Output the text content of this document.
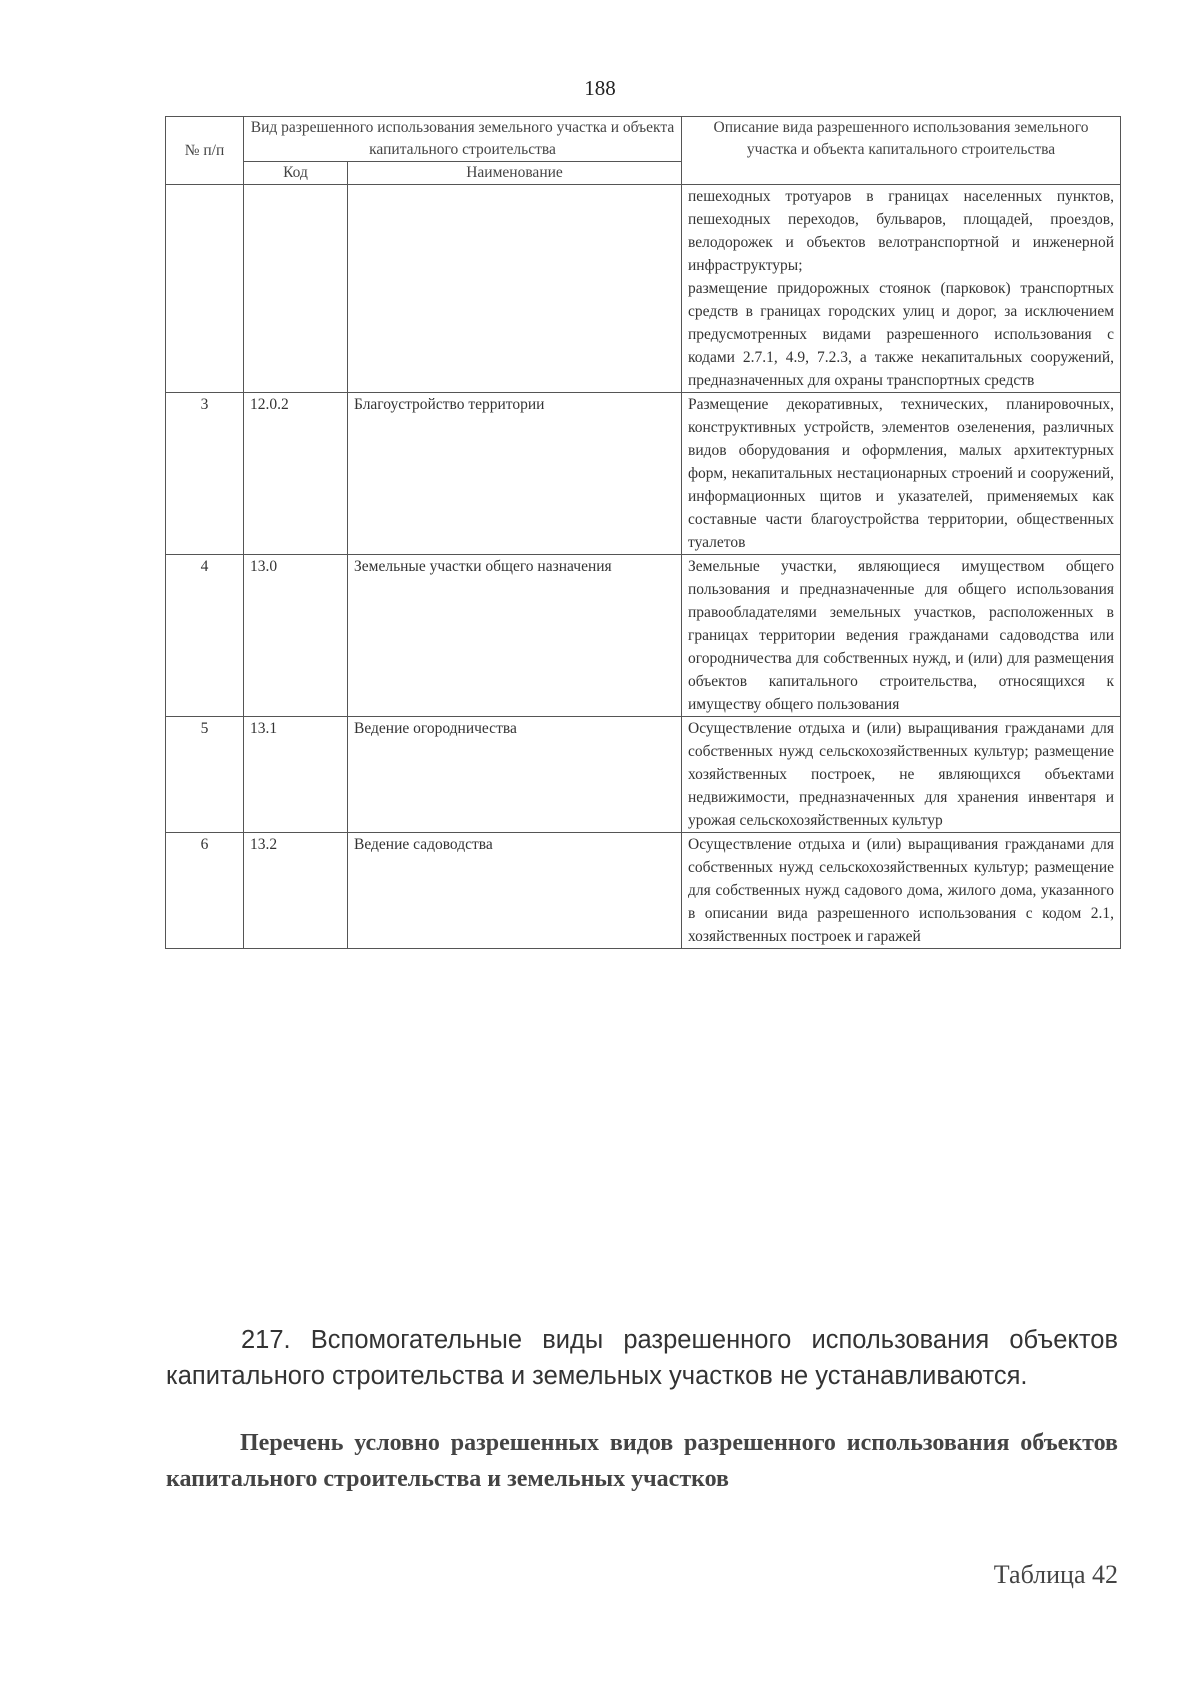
188
№ п/п	Вид разрешенного использования земельного участка и объекта капитального строительства		Описание вида разрешенного использования земельного участка и объекта капитального строительства
	Код	Наименование	
			пешеходных тротуаров в границах населенных пунктов, пешеходных переходов, бульваров, площадей, проездов, велодорожек и объектов велотранспортной и инженерной инфраструктуры;
размещение придорожных стоянок (парковок) транспортных средств в границах городских улиц и дорог, за исключением предусмотренных видами разрешенного использования с кодами 2.7.1, 4.9, 7.2.3, а также некапитальных сооружений, предназначенных для охраны транспортных средств
3	12.0.2	Благоустройство территории	Размещение декоративных, технических, планировочных, конструктивных устройств, элементов озеленения, различных видов оборудования и оформления, малых архитектурных форм, некапитальных нестационарных строений и сооружений, информационных щитов и указателей, применяемых как составные части благоустройства территории, общественных туалетов
4	13.0	Земельные участки общего назначения	Земельные участки, являющиеся имуществом общего пользования и предназначенные для общего использования правообладателями земельных участков, расположенных в границах территории ведения гражданами садоводства или огородничества для собственных нужд, и (или) для размещения объектов капитального строительства, относящихся к имуществу общего пользования
5	13.1	Ведение огородничества	Осуществление отдыха и (или) выращивания гражданами для собственных нужд сельскохозяйственных культур; размещение хозяйственных построек, не являющихся объектами недвижимости, предназначенных для хранения инвентаря и урожая сельскохозяйственных культур
6	13.2	Ведение садоводства	Осуществление отдыха и (или) выращивания гражданами для собственных нужд сельскохозяйственных культур; размещение для собственных нужд садового дома, жилого дома, указанного в описании вида разрешенного использования с кодом 2.1, хозяйственных построек и гаражей
217. Вспомогательные виды разрешенного использования объектов капитального строительства и земельных участков не устанавливаются.
Перечень условно разрешенных видов разрешенного использования объектов капитального строительства и земельных участков
Таблица 42
